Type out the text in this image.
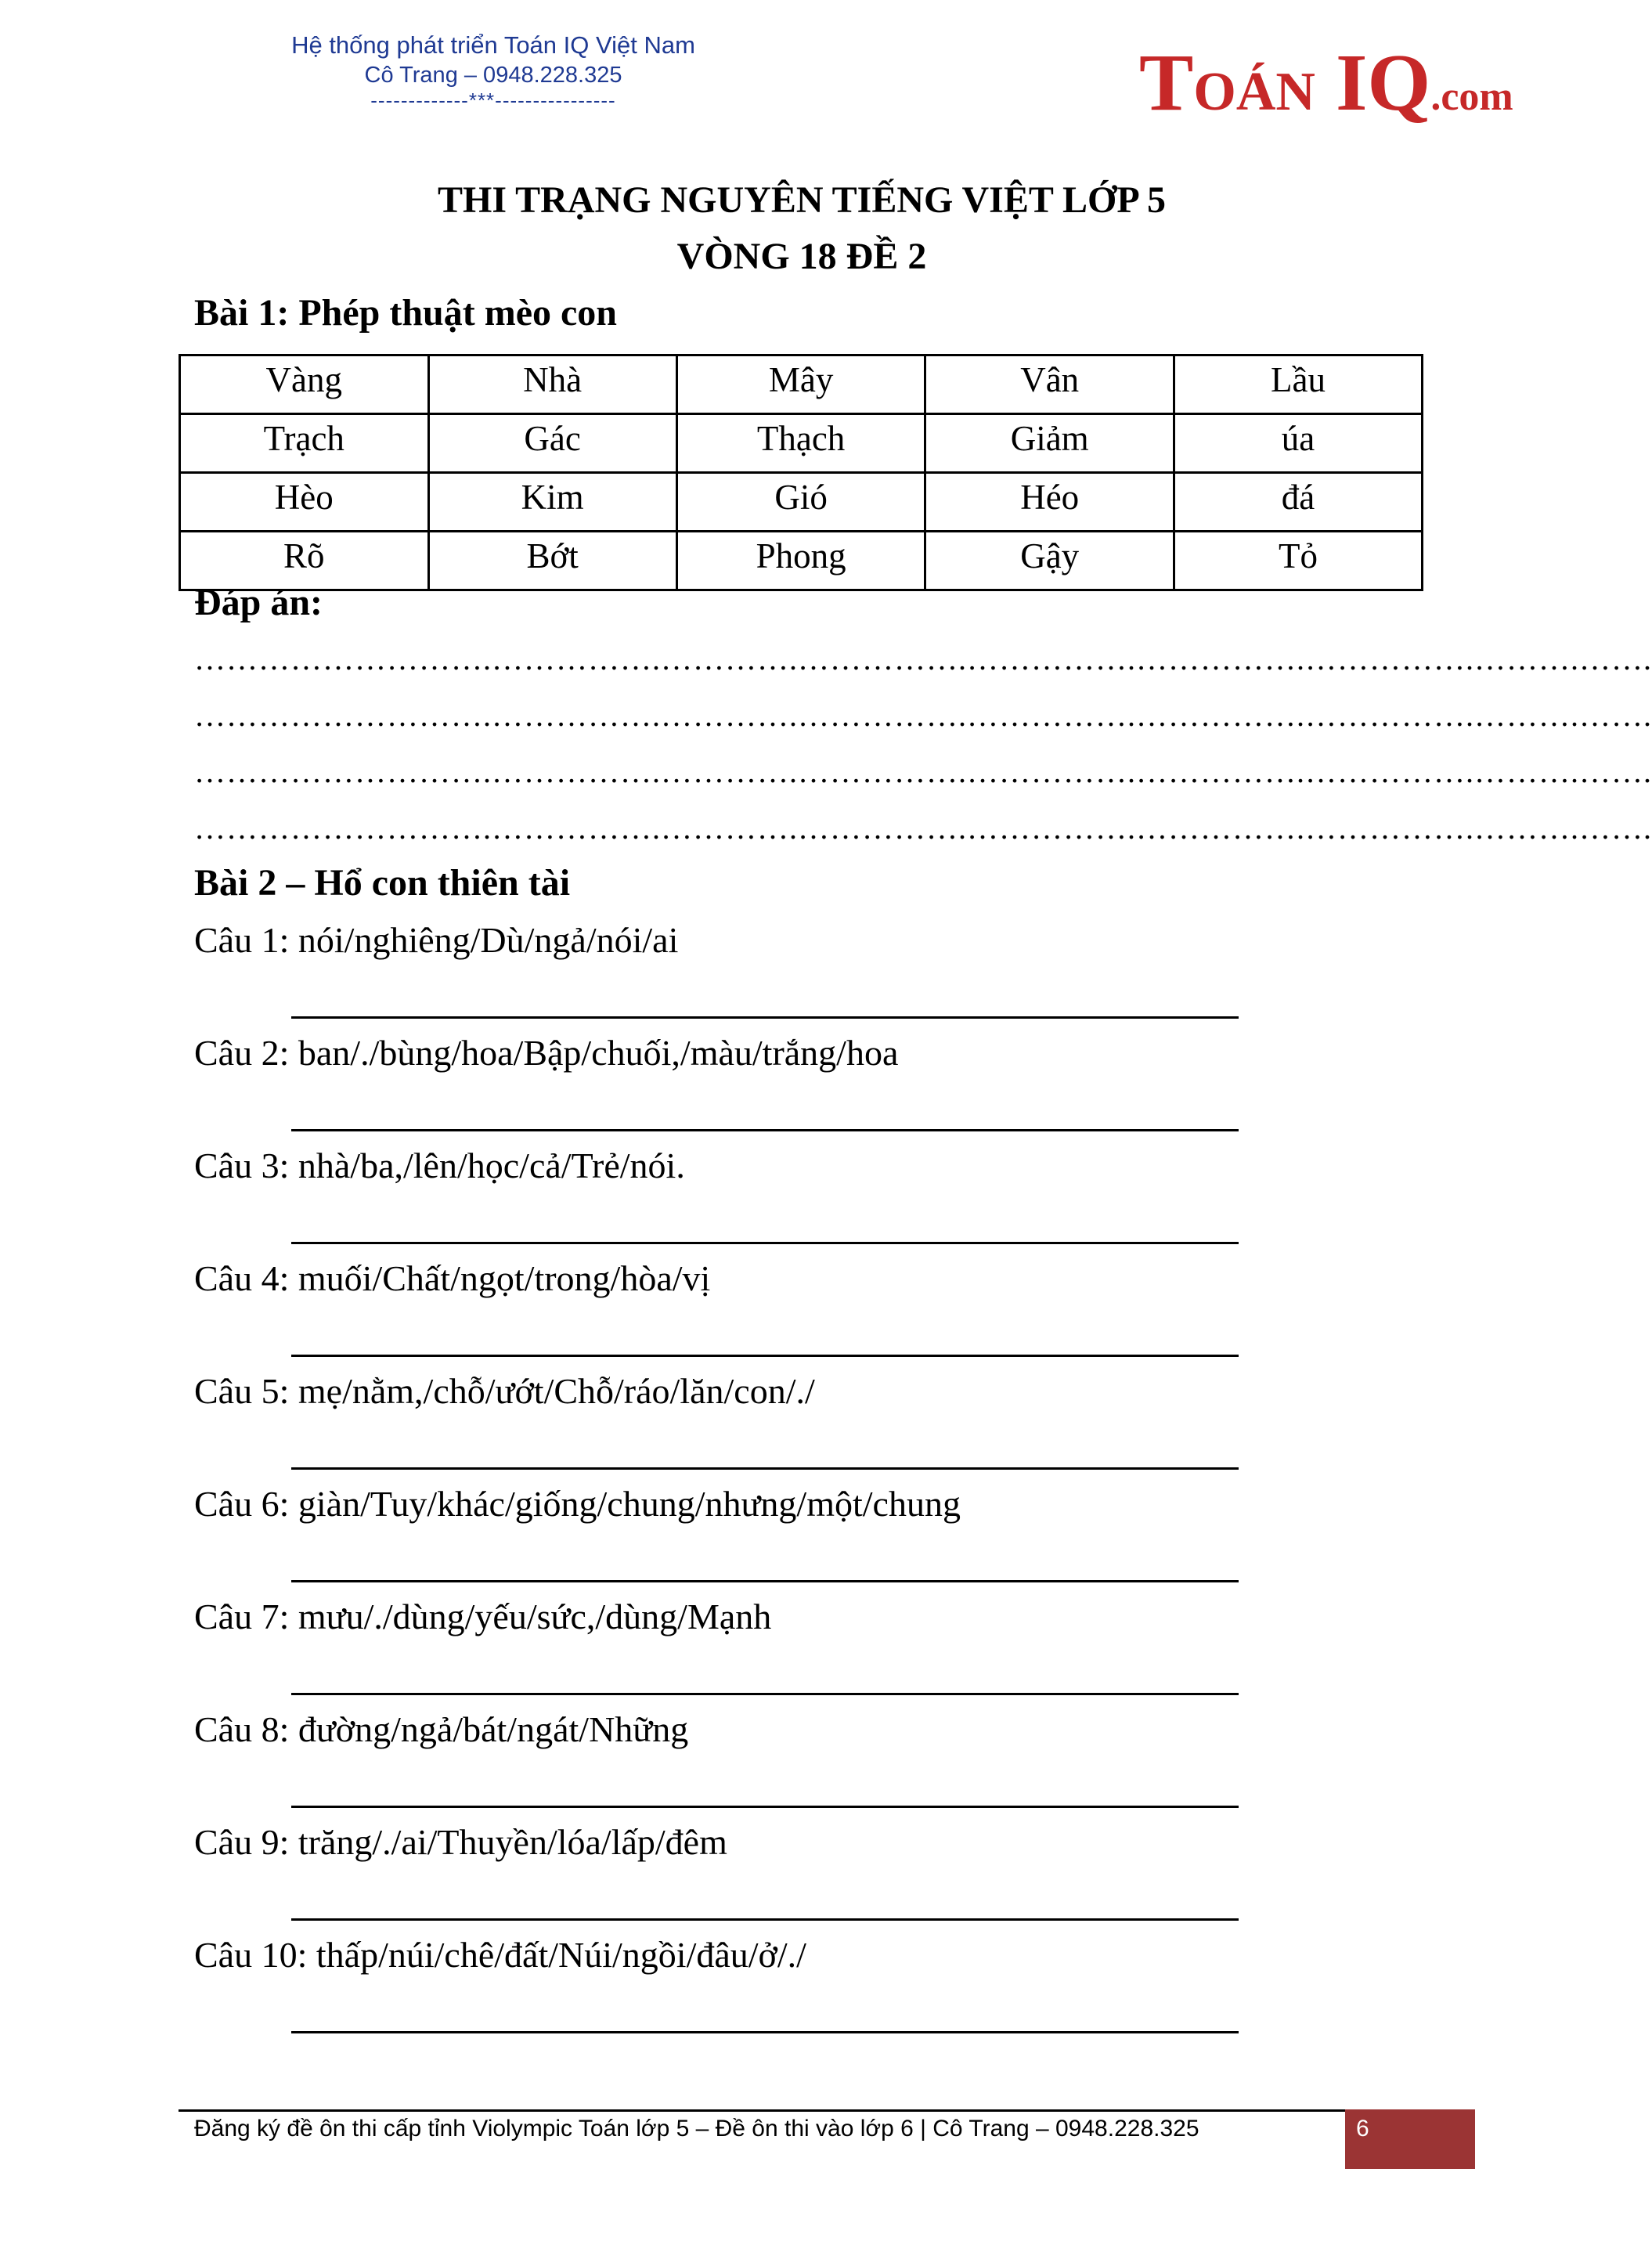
Hệ thống phát triển Toán IQ Việt Nam
Cô Trang – 0948.228.325
-------------***----------------	TOÁN IQ.com
THI TRẠNG NGUYÊN TIẾNG VIỆT LỚP 5
VÒNG 18 ĐỀ 2
Bài 1: Phép thuật mèo con
Vàng	Nhà	Mây	Vân	Lầu
Trạch	Gác	Thạch	Giảm	úa
Hèo	Kim	Gió	Héo	đá
Rõ	Bớt	Phong	Gậy	Tỏ
Đáp án:
……………………….…………….………….…………….…………….…………….…………….……….…….
……………………….…………….………….…………….…………….…………….…………….……….…….
……………………….…………….………….…………….…………….…………….…………….……….…….
……………………….…………….………….…………….…………….…………….…………….……….…….
Bài 2 – Hổ con thiên tài
Câu 1: nói/nghiêng/Dù/ngả/nói/ai
Câu 2: ban/./bùng/hoa/Bập/chuối,/màu/trắng/hoa
Câu 3: nhà/ba,/lên/học/cả/Trẻ/nói.
Câu 4: muối/Chất/ngọt/trong/hòa/vị
Câu 5: mẹ/nằm,/chỗ/ướt/Chỗ/ráo/lăn/con/./
Câu 6: giàn/Tuy/khác/giống/chung/nhưng/một/chung
Câu 7: mưu/./dùng/yếu/sức,/dùng/Mạnh
Câu 8: đường/ngả/bát/ngát/Những
Câu 9: trăng/./ai/Thuyền/lóa/lấp/đêm
Câu 10: thấp/núi/chê/đất/Núi/ngồi/đâu/ở/./
Đăng ký đề ôn thi cấp tỉnh Violympic Toán lớp 5 – Đề ôn thi vào lớp 6 | Cô Trang – 0948.228.325	6
